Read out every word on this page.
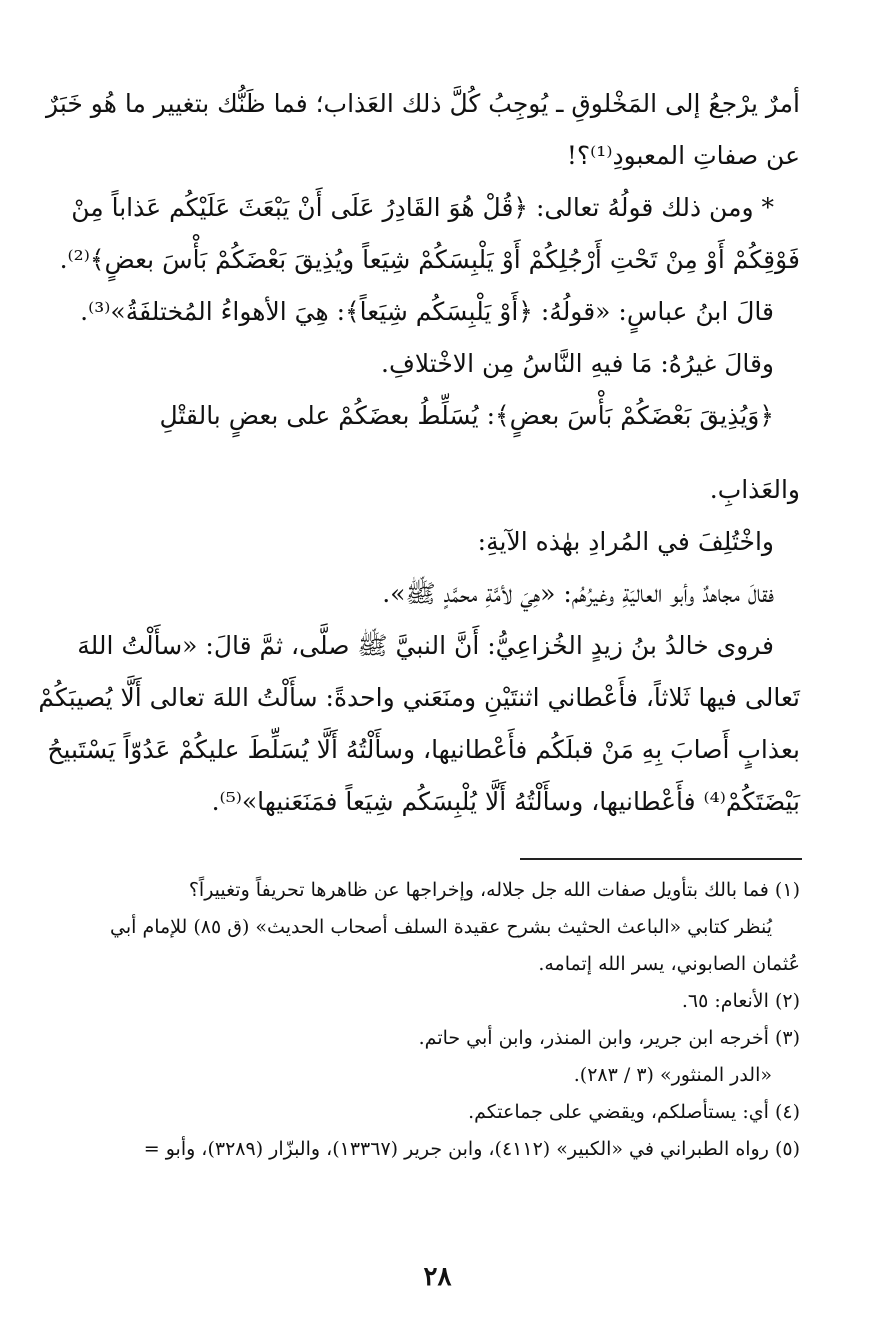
أمرٌ يرْجعُ إلى المَخْلوقِ ـ يُوجِبُ كُلَّ ذلك العَذاب؛ فما ظَنُّك بتغيير ما هُو خَبَرٌ
عن صفاتِ المعبودِ⁽¹⁾؟!
* ومن ذلك قولُهُ تعالى: ﴿قُلْ هُوَ القَادِرُ عَلَى أَنْ يَبْعَثَ عَلَيْكُم عَذاباً مِنْ
فَوْقِكُمْ أَوْ مِنْ تَحْتِ أَرْجُلِكُمْ أَوْ يَلْبِسَكُمْ شِيَعاً ويُذِيقَ بَعْضَكُمْ بَأْسَ بعضٍ﴾⁽²⁾.
قالَ ابنُ عباسٍ: «قولُهُ: ﴿أَوْ يَلْبِسَكُم شِيَعاً﴾: هِيَ الأهواءُ المُختلفَةُ»⁽³⁾.
وقالَ غيرُهُ: مَا فيهِ النَّاسُ مِن الاخْتلافِ.
﴿وَيُذِيقَ بَعْضَكُمْ بَأْسَ بعضٍ﴾: يُسَلِّطُ بعضَكُمْ على بعضٍ بالقتْلِ
والعَذابِ.
واخْتُلِفَ في المُرادِ بهٰذه الآيةِ:
فقالَ مجاهدٌ وأبو العاليَةِ وغيرُهُم: «هِيَ لأمَّةِ محمَّدٍ ﷺ».
فروى خالدُ بنُ زيدٍ الخُزاعِيُّ: أَنَّ النبيَّ ﷺ صلَّى، ثمَّ قالَ: «سأَلْتُ اللهَ
تَعالى فيها ثَلاثاً، فأَعْطاني اثنتَيْنِ ومنَعَني واحدةً: سأَلْتُ اللهَ تعالى أَلَّا يُصيبَكُمْ
بعذابٍ أَصابَ بِهِ مَنْ قبلَكُم فأَعْطانيها، وسأَلْتُهُ أَلَّا يُسَلِّطَ عليكُمْ عَدُوّاً يَسْتَبيحُ
بَيْضَتَكُمْ⁽⁴⁾ فأَعْطانيها، وسأَلْتُهُ أَلَّا يُلْبِسَكُم شِيَعاً فمَنَعَنيها»⁽⁵⁾.
(١) فما بالك بتأويل صفات الله جل جلاله، وإخراجها عن ظاهرها تحريفاً وتغييراً؟
يُنظر كتابي «الباعث الحثيث بشرح عقيدة السلف أصحاب الحديث» (ق ٨٥) للإمام أبي
عُثمان الصابوني، يسر الله إتمامه.
(٢) الأنعام: ٦٥.
(٣) أخرجه ابن جرير، وابن المنذر، وابن أبي حاتم.
«الدر المنثور» (٣ / ٢٨٣).
(٤) أي: يستأصلكم، ويقضي على جماعتكم.
(٥) رواه الطبراني في «الكبير» (٤١١٢)، وابن جرير (١٣٣٦٧)، والبزّار (٣٢٨٩)، وأبو =
٢٨
